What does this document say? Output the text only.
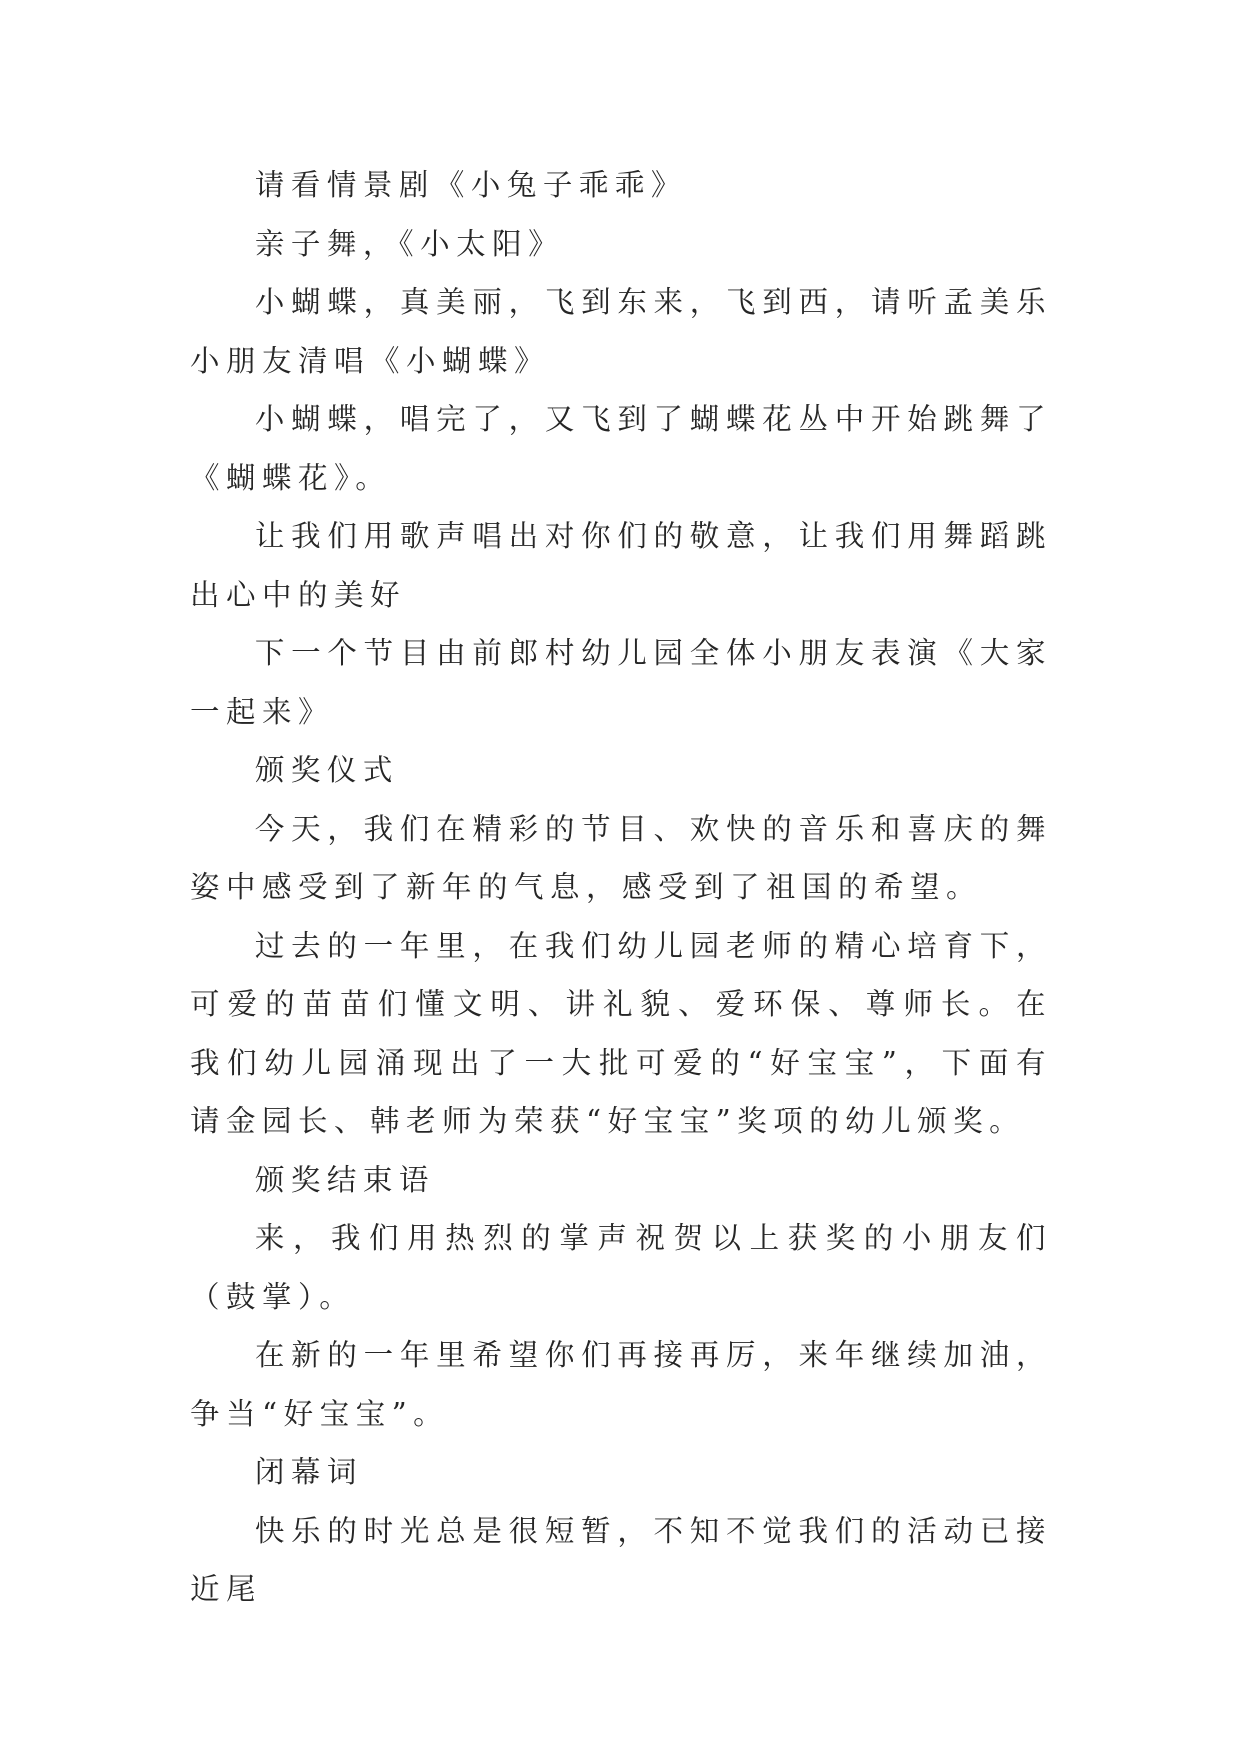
请看情景剧《小兔子乖乖》

亲子舞，《小太阳》

小蝴蝶，真美丽，飞到东来，飞到西，请听孟美乐小朋友清唱《小蝴蝶》

小蝴蝶，唱完了，又飞到了蝴蝶花丛中开始跳舞了《蝴蝶花》。

让我们用歌声唱出对你们的敬意，让我们用舞蹈跳出心中的美好

下一个节目由前郎村幼儿园全体小朋友表演《大家一起来》

颁奖仪式

今天，我们在精彩的节目、欢快的音乐和喜庆的舞姿中感受到了新年的气息，感受到了祖国的希望。

过去的一年里，在我们幼儿园老师的精心培育下，可爱的苗苗们懂文明、讲礼貌、爱环保、尊师长。在我们幼儿园涌现出了一大批可爱的“好宝宝”，下面有请金园长、韩老师为荣获“好宝宝”奖项的幼儿颁奖。

颁奖结束语

来，我们用热烈的掌声祝贺以上获奖的小朋友们（鼓掌）。

在新的一年里希望你们再接再厉，来年继续加油，争当“好宝宝”。

闭幕词

快乐的时光总是很短暂，不知不觉我们的活动已接近尾
